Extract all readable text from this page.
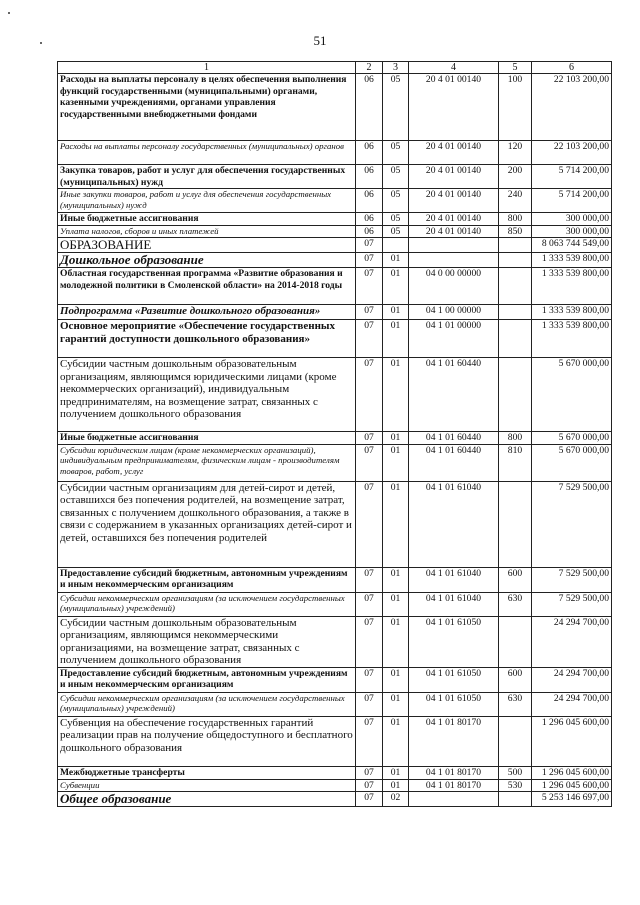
51
1	2	3	4	5	6
Расходы на выплаты персоналу в целях обеспечения выполнения функций государственными (муниципальными) органами, казенными учреждениями, органами управления государственными внебюджетными фондами	06	05	20 4 01 00140	100	22 103 200,00
Расходы на выплаты персоналу государственных (муниципальных) органов	06	05	20 4 01 00140	120	22 103 200,00
Закупка товаров, работ и услуг для обеспечения государственных (муниципальных) нужд	06	05	20 4 01 00140	200	5 714 200,00
Иные закупки товаров, работ и услуг для обеспечения государственных (муниципальных) нужд	06	05	20 4 01 00140	240	5 714 200,00
Иные бюджетные ассигнования	06	05	20 4 01 00140	800	300 000,00
Уплата налогов, сборов и иных платежей	06	05	20 4 01 00140	850	300 000,00
ОБРАЗОВАНИЕ	07				8 063 744 549,00
Дошкольное образование	07	01			1 333 539 800,00
Областная государственная программа «Развитие образования и молодежной политики в Смоленской области» на 2014-2018 годы	07	01	04 0 00 00000		1 333 539 800,00
Подпрограмма «Развитие дошкольного образования»	07	01	04 1 00 00000		1 333 539 800,00
Основное мероприятие «Обеспечение государственных гарантий доступности дошкольного образования»	07	01	04 1 01 00000		1 333 539 800,00
Субсидии частным дошкольным образовательным организациям, являющимся юридическими лицами (кроме некоммерческих организаций), индивидуальным предпринимателям, на возмещение затрат, связанных с получением дошкольного образования	07	01	04 1 01 60440		5 670 000,00
Иные бюджетные ассигнования	07	01	04 1 01 60440	800	5 670 000,00
Субсидии юридическим лицам (кроме некоммерческих организаций), индивидуальным предпринимателям, физическим лицам - производителям товаров, работ, услуг	07	01	04 1 01 60440	810	5 670 000,00
Субсидии частным организациям для детей-сирот и детей, оставшихся без попечения родителей, на возмещение затрат, связанных с получением дошкольного образования, а также в связи с содержанием в указанных организациях детей-сирот и детей, оставшихся без попечения родителей	07	01	04 1 01 61040		7 529 500,00
Предоставление субсидий бюджетным, автономным учреждениям и иным некоммерческим организациям	07	01	04 1 01 61040	600	7 529 500,00
Субсидии некоммерческим организациям (за исключением государственных (муниципальных) учреждений)	07	01	04 1 01 61040	630	7 529 500,00
Субсидии частным дошкольным образовательным организациям, являющимся некоммерческими организациями, на возмещение затрат, связанных с получением дошкольного образования	07	01	04 1 01 61050		24 294 700,00
Предоставление субсидий бюджетным, автономным учреждениям и иным некоммерческим организациям	07	01	04 1 01 61050	600	24 294 700,00
Субсидии некоммерческим организациям (за исключением государственных (муниципальных) учреждений)	07	01	04 1 01 61050	630	24 294 700,00
Субвенция на обеспечение государственных гарантий реализации прав на получение общедоступного и бесплатного дошкольного образования	07	01	04 1 01 80170		1 296 045 600,00
Межбюджетные трансферты	07	01	04 1 01 80170	500	1 296 045 600,00
Субвенции	07	01	04 1 01 80170	530	1 296 045 600,00
Общее образование	07	02			5 253 146 697,00
